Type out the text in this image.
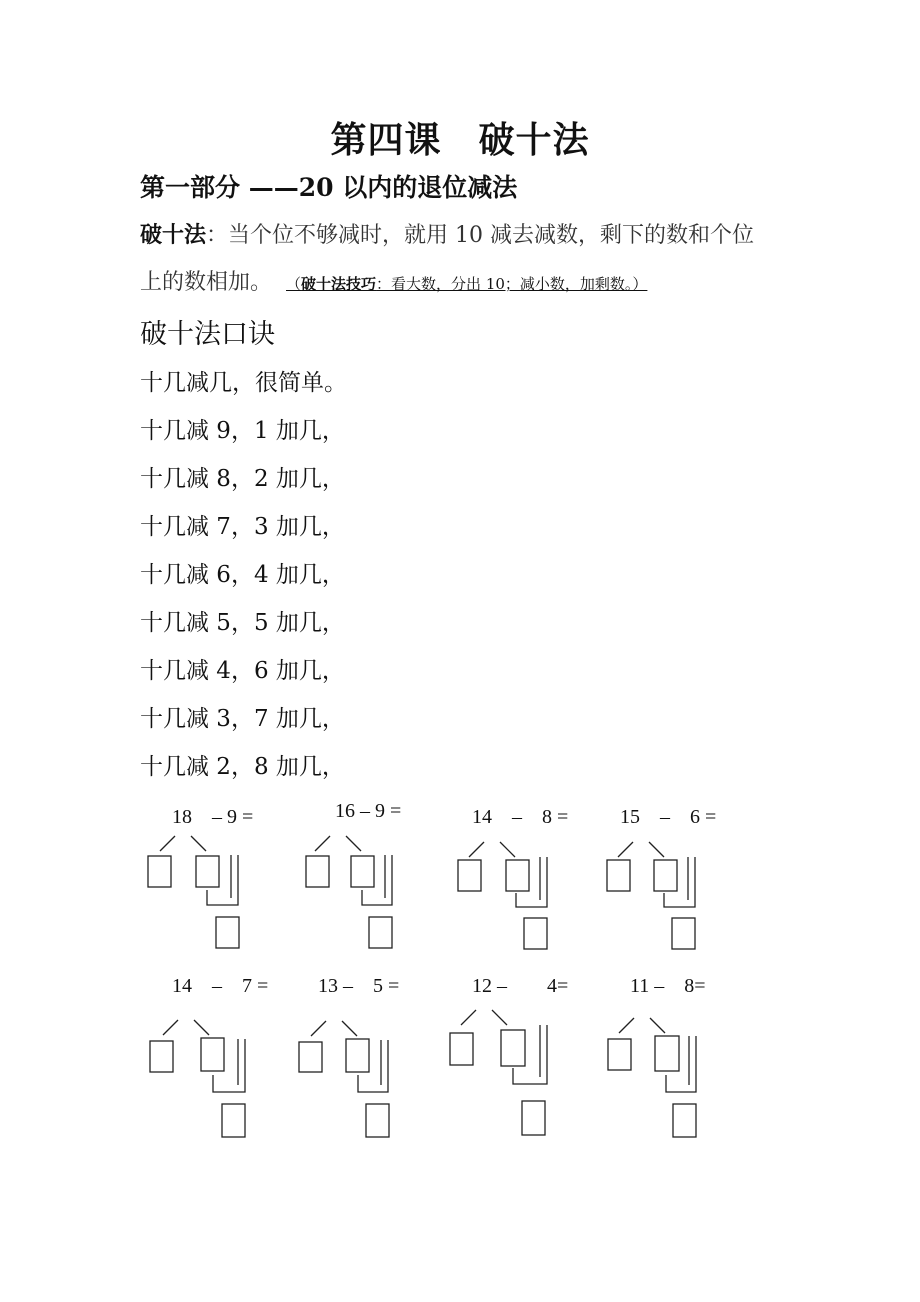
第四课　破十法
第一部分 ——20 以内的退位减法
破十法：当个位不够减时，就用 10 减去减数，剩下的数和个位
上的数相加。 （破十法技巧：看大数，分出 10；减小数，加剩数。）
破十法口诀
十几减几，很简单。
十几减 9，1 加几，
十几减 8，2 加几，
十几减 7，3 加几，
十几减 6，4 加几，
十几减 5，5 加几，
十几减 4，6 加几，
十几减 3，7 加几，
十几减 2，8 加几，
18　– 9 =	16 – 9 =	14　–　8 =	15　–　6 =
14　–　7 = 13 –　5 =	12 –　　4=	11 –　8=
